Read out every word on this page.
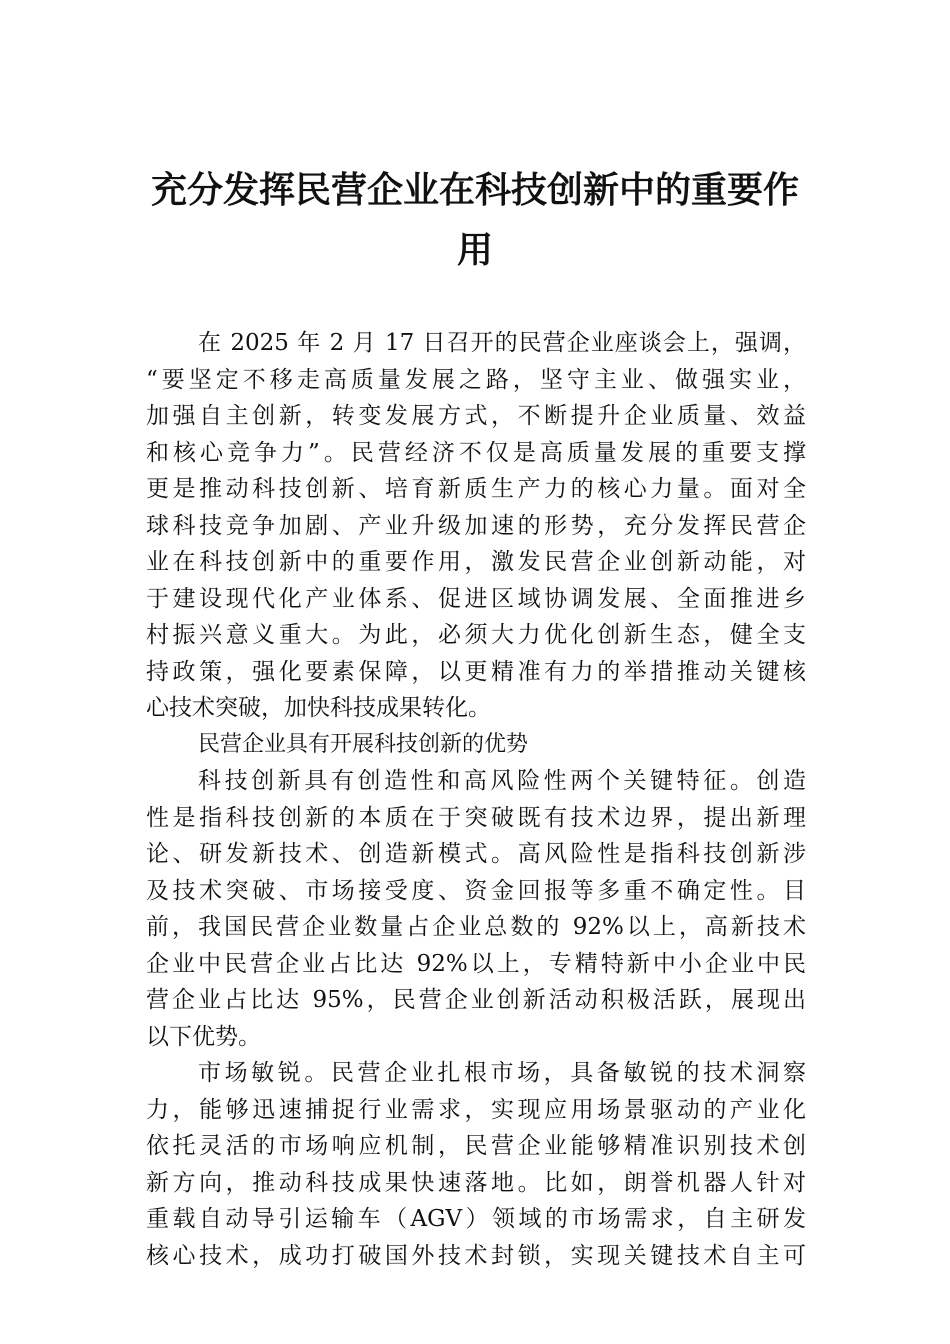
充分发挥民营企业在科技创新中的重要作
用
在 2025 年 2 月 17 日召开的民营企业座谈会上，强调，
“要坚定不移走高质量发展之路，坚守主业、做强实业，
加强自主创新，转变发展方式，不断提升企业质量、效益
和核心竞争力”。民营经济不仅是高质量发展的重要支撑
更是推动科技创新、培育新质生产力的核心力量。面对全
球科技竞争加剧、产业升级加速的形势，充分发挥民营企
业在科技创新中的重要作用，激发民营企业创新动能，对
于建设现代化产业体系、促进区域协调发展、全面推进乡
村振兴意义重大。为此，必须大力优化创新生态，健全支
持政策，强化要素保障，以更精准有力的举措推动关键核
心技术突破，加快科技成果转化。
民营企业具有开展科技创新的优势
科技创新具有创造性和高风险性两个关键特征。创造
性是指科技创新的本质在于突破既有技术边界，提出新理
论、研发新技术、创造新模式。高风险性是指科技创新涉
及技术突破、市场接受度、资金回报等多重不确定性。目
前，我国民营企业数量占企业总数的 92%以上，高新技术
企业中民营企业占比达 92%以上，专精特新中小企业中民
营企业占比达 95%，民营企业创新活动积极活跃，展现出
以下优势。
市场敏锐。民营企业扎根市场，具备敏锐的技术洞察
力，能够迅速捕捉行业需求，实现应用场景驱动的产业化
依托灵活的市场响应机制，民营企业能够精准识别技术创
新方向，推动科技成果快速落地。比如，朗誉机器人针对
重载自动导引运输车（AGV）领域的市场需求，自主研发
核心技术，成功打破国外技术封锁，实现关键技术自主可
